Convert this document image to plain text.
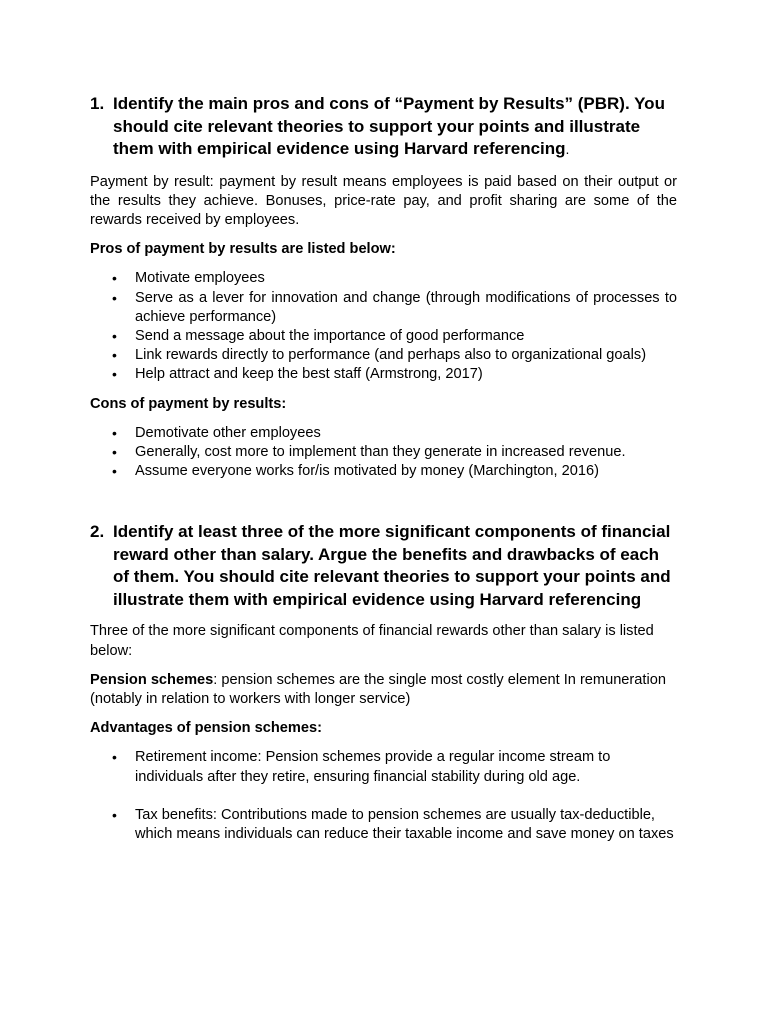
1. Identify the main pros and cons of “Payment by Results” (PBR). You should cite relevant theories to support your points and illustrate them with empirical evidence using Harvard referencing.

Payment by result: payment by result means employees is paid based on their output or the results they achieve. Bonuses, price-rate pay, and profit sharing are some of the rewards received by employees.

Pros of payment by results are listed below:

• Motivate employees
• Serve as a lever for innovation and change (through modifications of processes to achieve performance)
• Send a message about the importance of good performance
• Link rewards directly to performance (and perhaps also to organizational goals)
• Help attract and keep the best staff (Armstrong, 2017)

Cons of payment by results:

• Demotivate other employees
• Generally, cost more to implement than they generate in increased revenue.
• Assume everyone works for/is motivated by money (Marchington, 2016)
2. Identify at least three of the more significant components of financial reward other than salary. Argue the benefits and drawbacks of each of them. You should cite relevant theories to support your points and illustrate them with empirical evidence using Harvard referencing

Three of the more significant components of financial rewards other than salary is listed below:

Pension schemes: pension schemes are the single most costly element In remuneration (notably in relation to workers with longer service)

Advantages of pension schemes:

• Retirement income: Pension schemes provide a regular income stream to individuals after they retire, ensuring financial stability during old age.
• Tax benefits: Contributions made to pension schemes are usually tax-deductible, which means individuals can reduce their taxable income and save money on taxes
